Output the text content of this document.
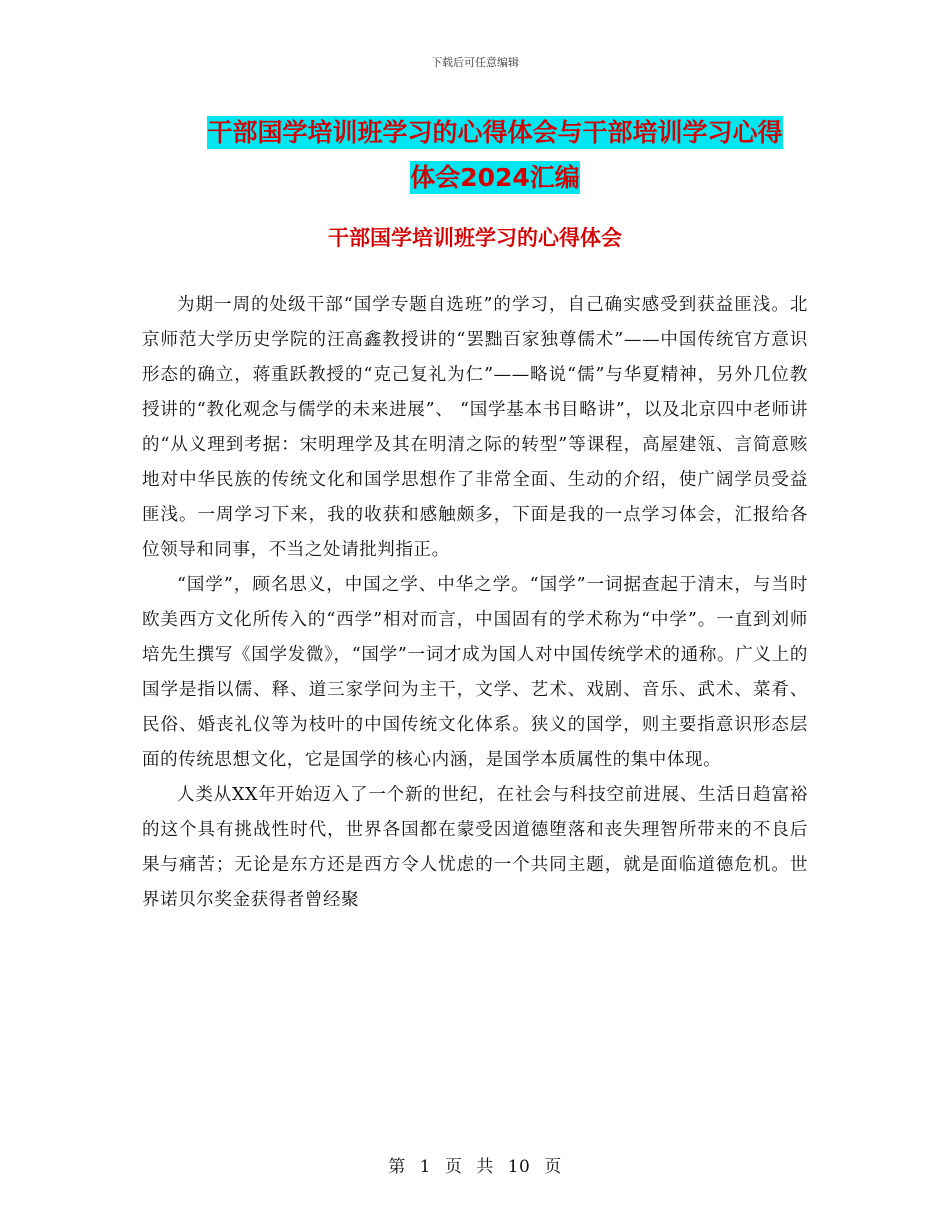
下载后可任意编辑
干部国学培训班学习的心得体会与干部培训学习心得
体会2024汇编
干部国学培训班学习的心得体会

为期一周的处级干部“国学专题自选班”的学习，自己确实感受到获益匪浅。北京师范大学历史学院的汪高鑫教授讲的“罢黜百家独尊儒术”——中国传统官方意识形态的确立，蒋重跃教授的“克己复礼为仁”——略说“儒”与华夏精神，另外几位教授讲的“教化观念与儒学的未来进展”、 “国学基本书目略讲”，以及北京四中老师讲的“从义理到考据：宋明理学及其在明清之际的转型”等课程，高屋建瓴、言简意赅地对中华民族的传统文化和国学思想作了非常全面、生动的介绍，使广阔学员受益匪浅。一周学习下来，我的收获和感触颇多，下面是我的一点学习体会，汇报给各位领导和同事，不当之处请批判指正。

“国学”，顾名思义，中国之学、中华之学。“国学”一词据查起于清末，与当时欧美西方文化所传入的“西学”相对而言，中国固有的学术称为“中学”。一直到刘师培先生撰写《国学发微》，“国学”一词才成为国人对中国传统学术的通称。广义上的国学是指以儒、释、道三家学问为主干，文学、艺术、戏剧、音乐、武术、菜肴、民俗、婚丧礼仪等为枝叶的中国传统文化体系。狭义的国学，则主要指意识形态层面的传统思想文化，它是国学的核心内涵，是国学本质属性的集中体现。

人类从XX年开始迈入了一个新的世纪，在社会与科技空前进展、生活日趋富裕的这个具有挑战性时代，世界各国都在蒙受因道德堕落和丧失理智所带来的不良后果与痛苦；无论是东方还是西方令人忧虑的一个共同主题，就是面临道德危机。世界诺贝尔奖金获得者曾经聚

第 1 页 共 10 页
